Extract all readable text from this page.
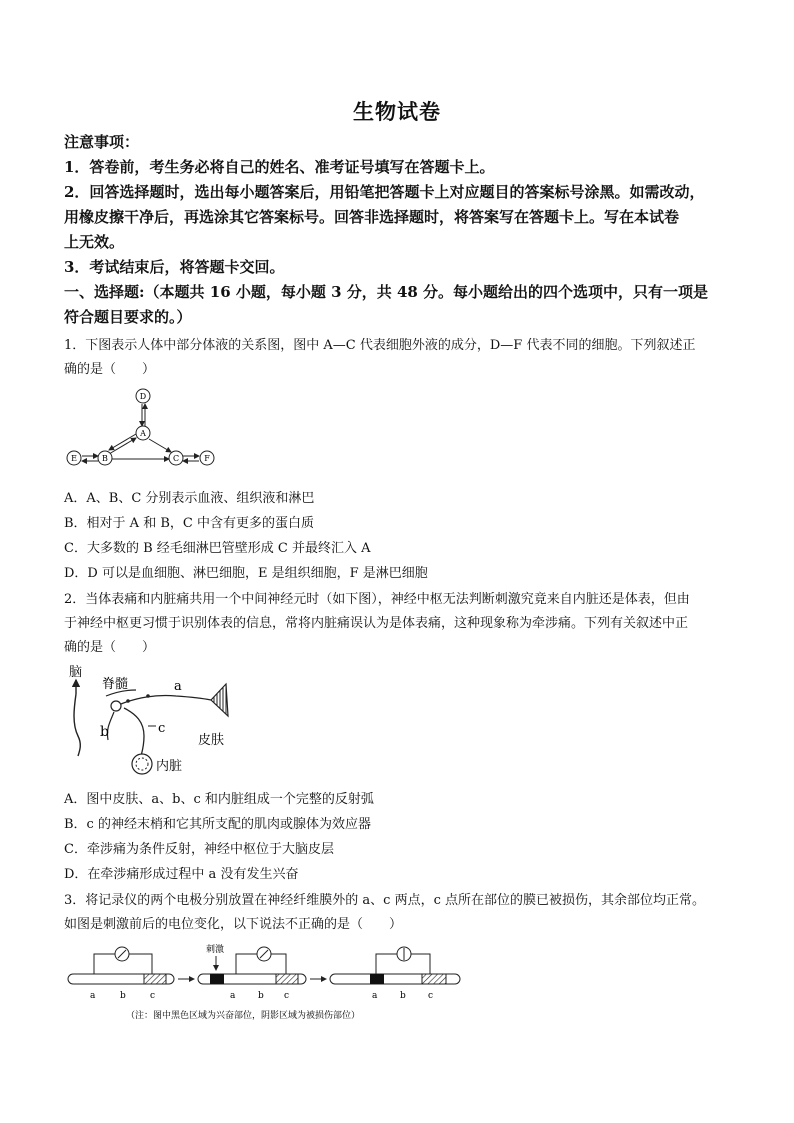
生物试卷
注意事项：
1．答卷前，考生务必将自己的姓名、准考证号填写在答题卡上。
2．回答选择题时，选出每小题答案后，用铅笔把答题卡上对应题目的答案标号涂黑。如需改动，
用橡皮擦干净后，再选涂其它答案标号。回答非选择题时，将答案写在答题卡上。写在本试卷
上无效。
3．考试结束后，将答题卡交回。
一、选择题:（本题共 16 小题，每小题 3 分，共 48 分。每小题给出的四个选项中，只有一项是
符合题目要求的。）
1．下图表示人体中部分体液的关系图，图中 A—C 代表细胞外液的成分，D—F 代表不同的细胞。下列叙述正
确的是（　　）
D
A
E	B	C	F
A．A、B、C 分别表示血液、组织液和淋巴
B．相对于 A 和 B，C 中含有更多的蛋白质
C．大多数的 B 经毛细淋巴管壁形成 C 并最终汇入 A
D．D 可以是血细胞、淋巴细胞，E 是组织细胞，F 是淋巴细胞
2．当体表痛和内脏痛共用一个中间神经元时（如下图），神经中枢无法判断刺激究竟来自内脏还是体表，但由
于神经中枢更习惯于识别体表的信息，常将内脏痛误认为是体表痛，这种现象称为牵涉痛。下列有关叙述中正
确的是（　　）
脑
脊髓	a
c
b
皮肤
内脏
A．图中皮肤、a、b、c 和内脏组成一个完整的反射弧
B．c 的神经末梢和它其所支配的肌肉或腺体为效应器
C．牵涉痛为条件反射，神经中枢位于大脑皮层
D．在牵涉痛形成过程中 a 没有发生兴奋
3．将记录仪的两个电极分别放置在神经纤维膜外的 a、c 两点，c 点所在部位的膜已被损伤，其余部位均正常。
如图是刺激前后的电位变化，以下说法不正确的是（　　）
a	b	c
刺激
a	b c	a	b c
（注：图中黑色区域为兴奋部位，阴影区域为被损伤部位）
